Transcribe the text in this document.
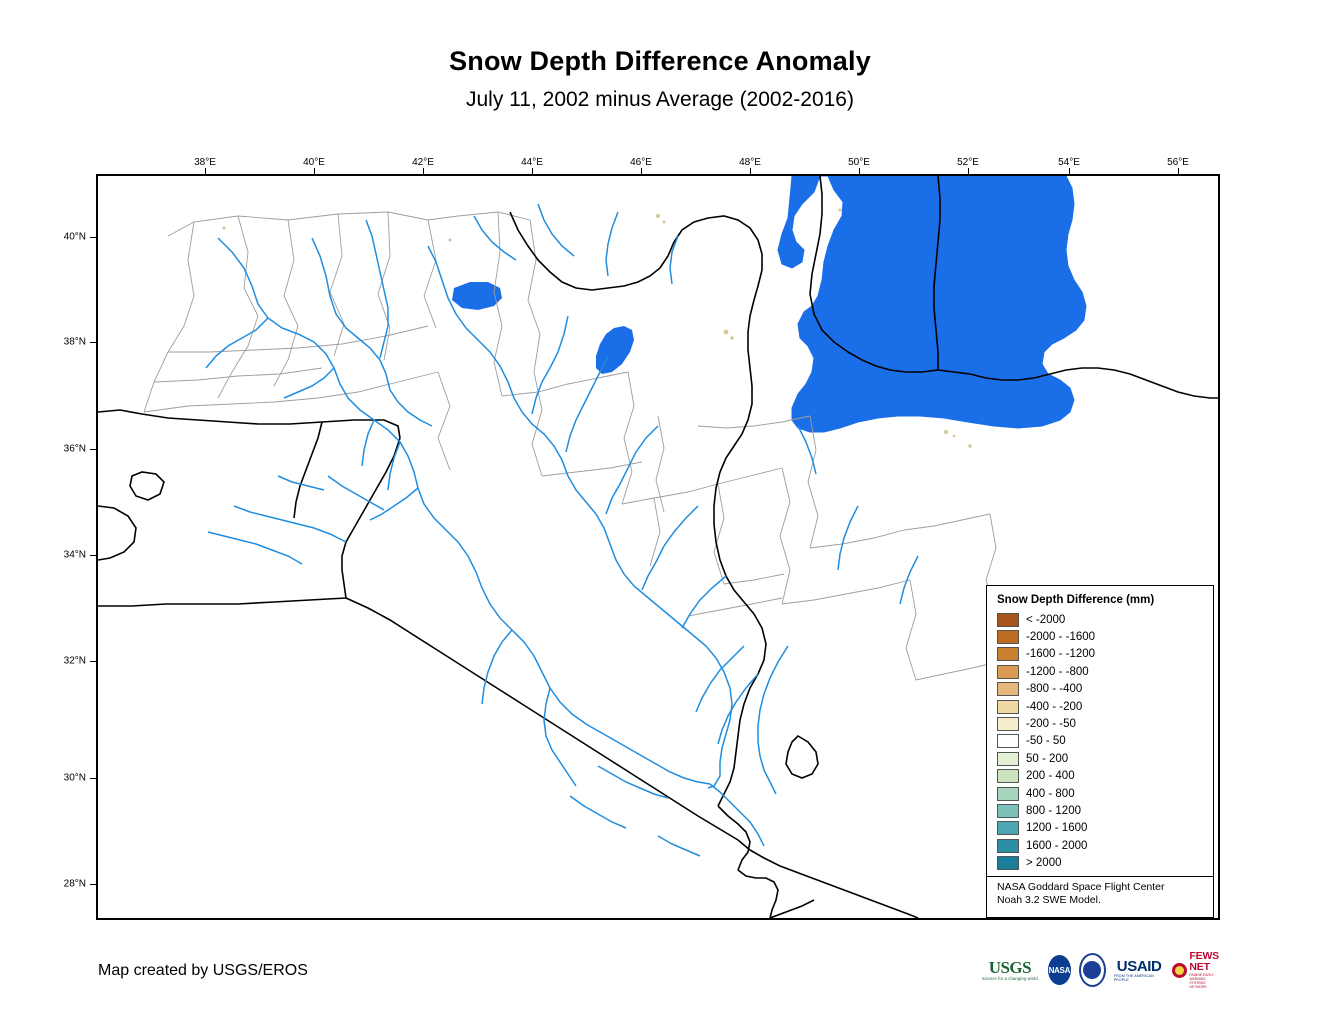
Snow Depth Difference Anomaly
July 11, 2002 minus Average (2002-2016)
38°E	40°E	42°E	44°E	46°E	48°E	50°E	52°E	54°E	56°E
40°N
38°N
36°N
34°N
32°N
30°N
28°N
Snow Depth Difference (mm)
< -2000
-2000 - -1600
-1600 - -1200
-1200 - -800
-800 - -400
-400 - -200
-200 - -50
-50 - 50
50 - 200
200 - 400
400 - 800
800 - 1200
1200 - 1600
1600 - 2000
> 2000
NASA Goddard Space Flight Center
Noah 3.2 SWE Model.
Map created by USGS/EROS	USGS
science for a changing world
NASA	USAID
FROM THE AMERICAN PEOPLE
FEWS NET
FAMINE EARLY WARNING SYSTEMS NETWORK
